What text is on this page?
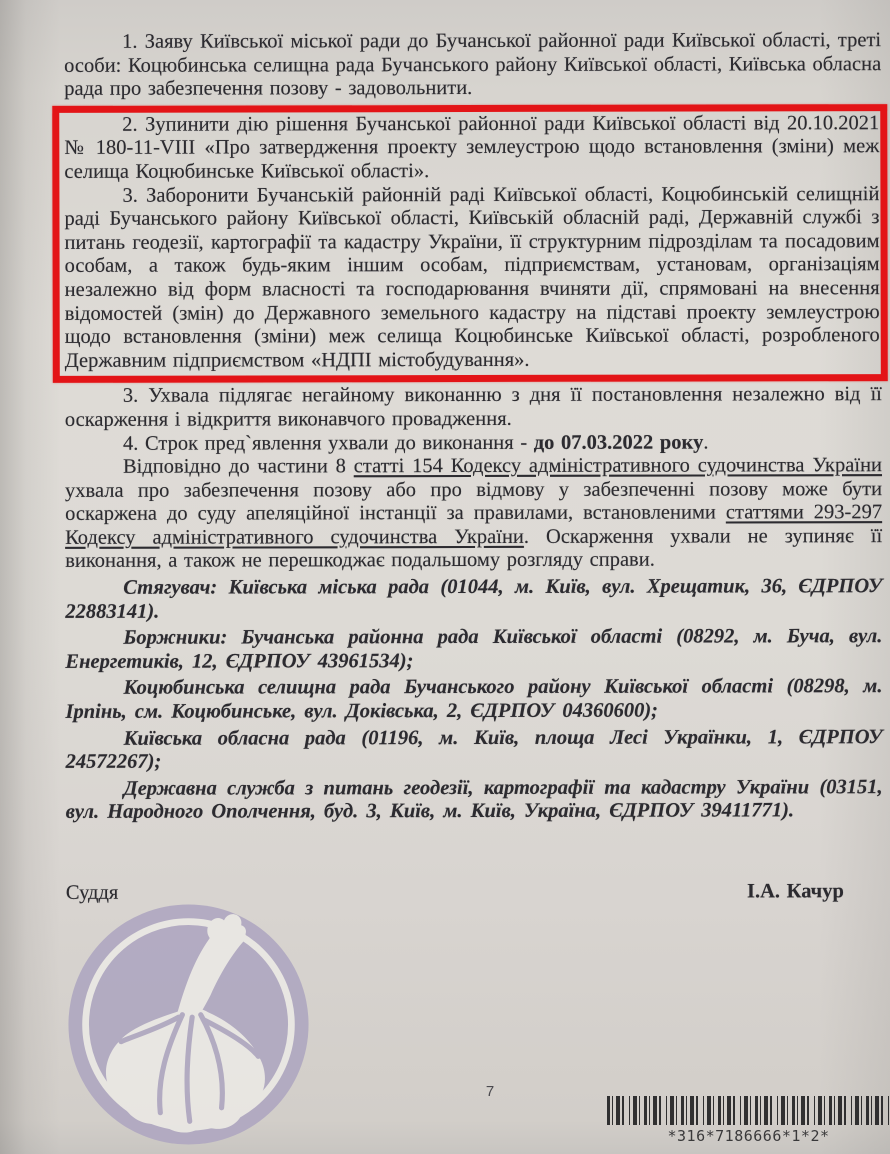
1. Заяву Київської міської ради до Бучанської районної ради Київської області, треті особи: Коцюбинська селищна рада Бучанського району Київської області, Київська обласна рада про забезпечення позову - задовольнити.

2. Зупинити дію рішення Бучанської районної ради Київської області від 20.10.2021 № 180-11-VIII «Про затвердження проекту землеустрою щодо встановлення (зміни) меж селища Коцюбинське Київської області».

3. Заборонити Бучанській районній раді Київської області, Коцюбинській селищній раді Бучанського району Київської області, Київській обласній раді, Державній службі з питань геодезії, картографії та кадастру України, її структурним підрозділам та посадовим особам, а також будь-яким іншим особам, підприємствам, установам, організаціям незалежно від форм власності та господарювання вчиняти дії, спрямовані на внесення відомостей (змін) до Державного земельного кадастру на підставі проекту землеустрою щодо встановлення (зміни) меж селища Коцюбинське Київської області, розробленого Державним підприємством «НДПІ містобудування».

3. Ухвала підлягає негайному виконанню з дня її постановлення незалежно від її оскарження і відкриття виконавчого провадження.

4. Строк пред`явлення ухвали до виконання - до 07.03.2022 року.

Відповідно до частини 8 статті 154 Кодексу адміністративного судочинства України ухвала про забезпечення позову або про відмову у забезпеченні позову може бути оскаржена до суду апеляційної інстанції за правилами, встановленими статтями 293-297 Кодексу адміністративного судочинства України. Оскарження ухвали не зупиняє її виконання, а також не перешкоджає подальшому розгляду справи.

Стягувач: Київська міська рада (01044, м. Київ, вул. Хрещатик, 36, ЄДРПОУ 22883141).

Боржники: Бучанська районна рада Київської області (08292, м. Буча, вул. Енергетиків, 12, ЄДРПОУ 43961534);

Коцюбинська селищна рада Бучанського району Київської області (08298, м. Ірпінь, см. Коцюбинське, вул. Доківська, 2, ЄДРПОУ 04360600);

Київська обласна рада (01196, м. Київ, площа Лесі Українки, 1, ЄДРПОУ 24572267);

Державна служба з питань геодезії, картографії та кадастру України (03151, вул. Народного Ополчення, буд. 3, Київ, м. Київ, Україна, ЄДРПОУ 39411771).

Суддя	І.А. Качур
7
*316*7186666*1*2*
